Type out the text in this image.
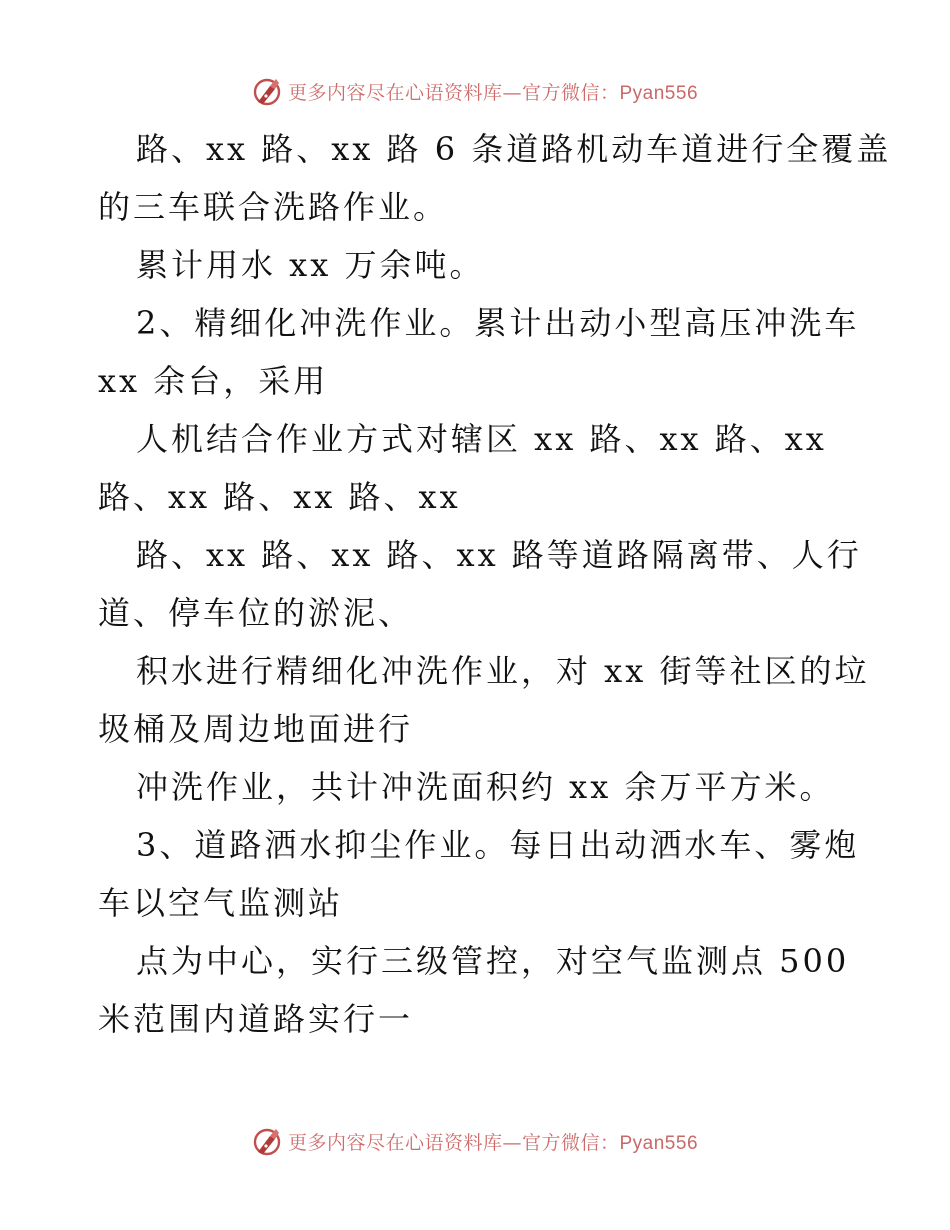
更多内容尽在心语资料库—官方微信：Pyan556
路、xx 路、xx 路 6 条道路机动车道进行全覆盖
的三车联合洗路作业。
累计用水 xx 万余吨。
2、精细化冲洗作业。累计出动小型高压冲洗车
xx 余台，采用
人机结合作业方式对辖区 xx 路、xx 路、xx
路、xx 路、xx 路、xx
路、xx 路、xx 路、xx 路等道路隔离带、人行
道、停车位的淤泥、
积水进行精细化冲洗作业，对 xx 街等社区的垃
圾桶及周边地面进行
冲洗作业，共计冲洗面积约 xx 余万平方米。
3、道路洒水抑尘作业。每日出动洒水车、雾炮
车以空气监测站
点为中心，实行三级管控，对空气监测点 500
米范围内道路实行一
更多内容尽在心语资料库—官方微信：Pyan556
